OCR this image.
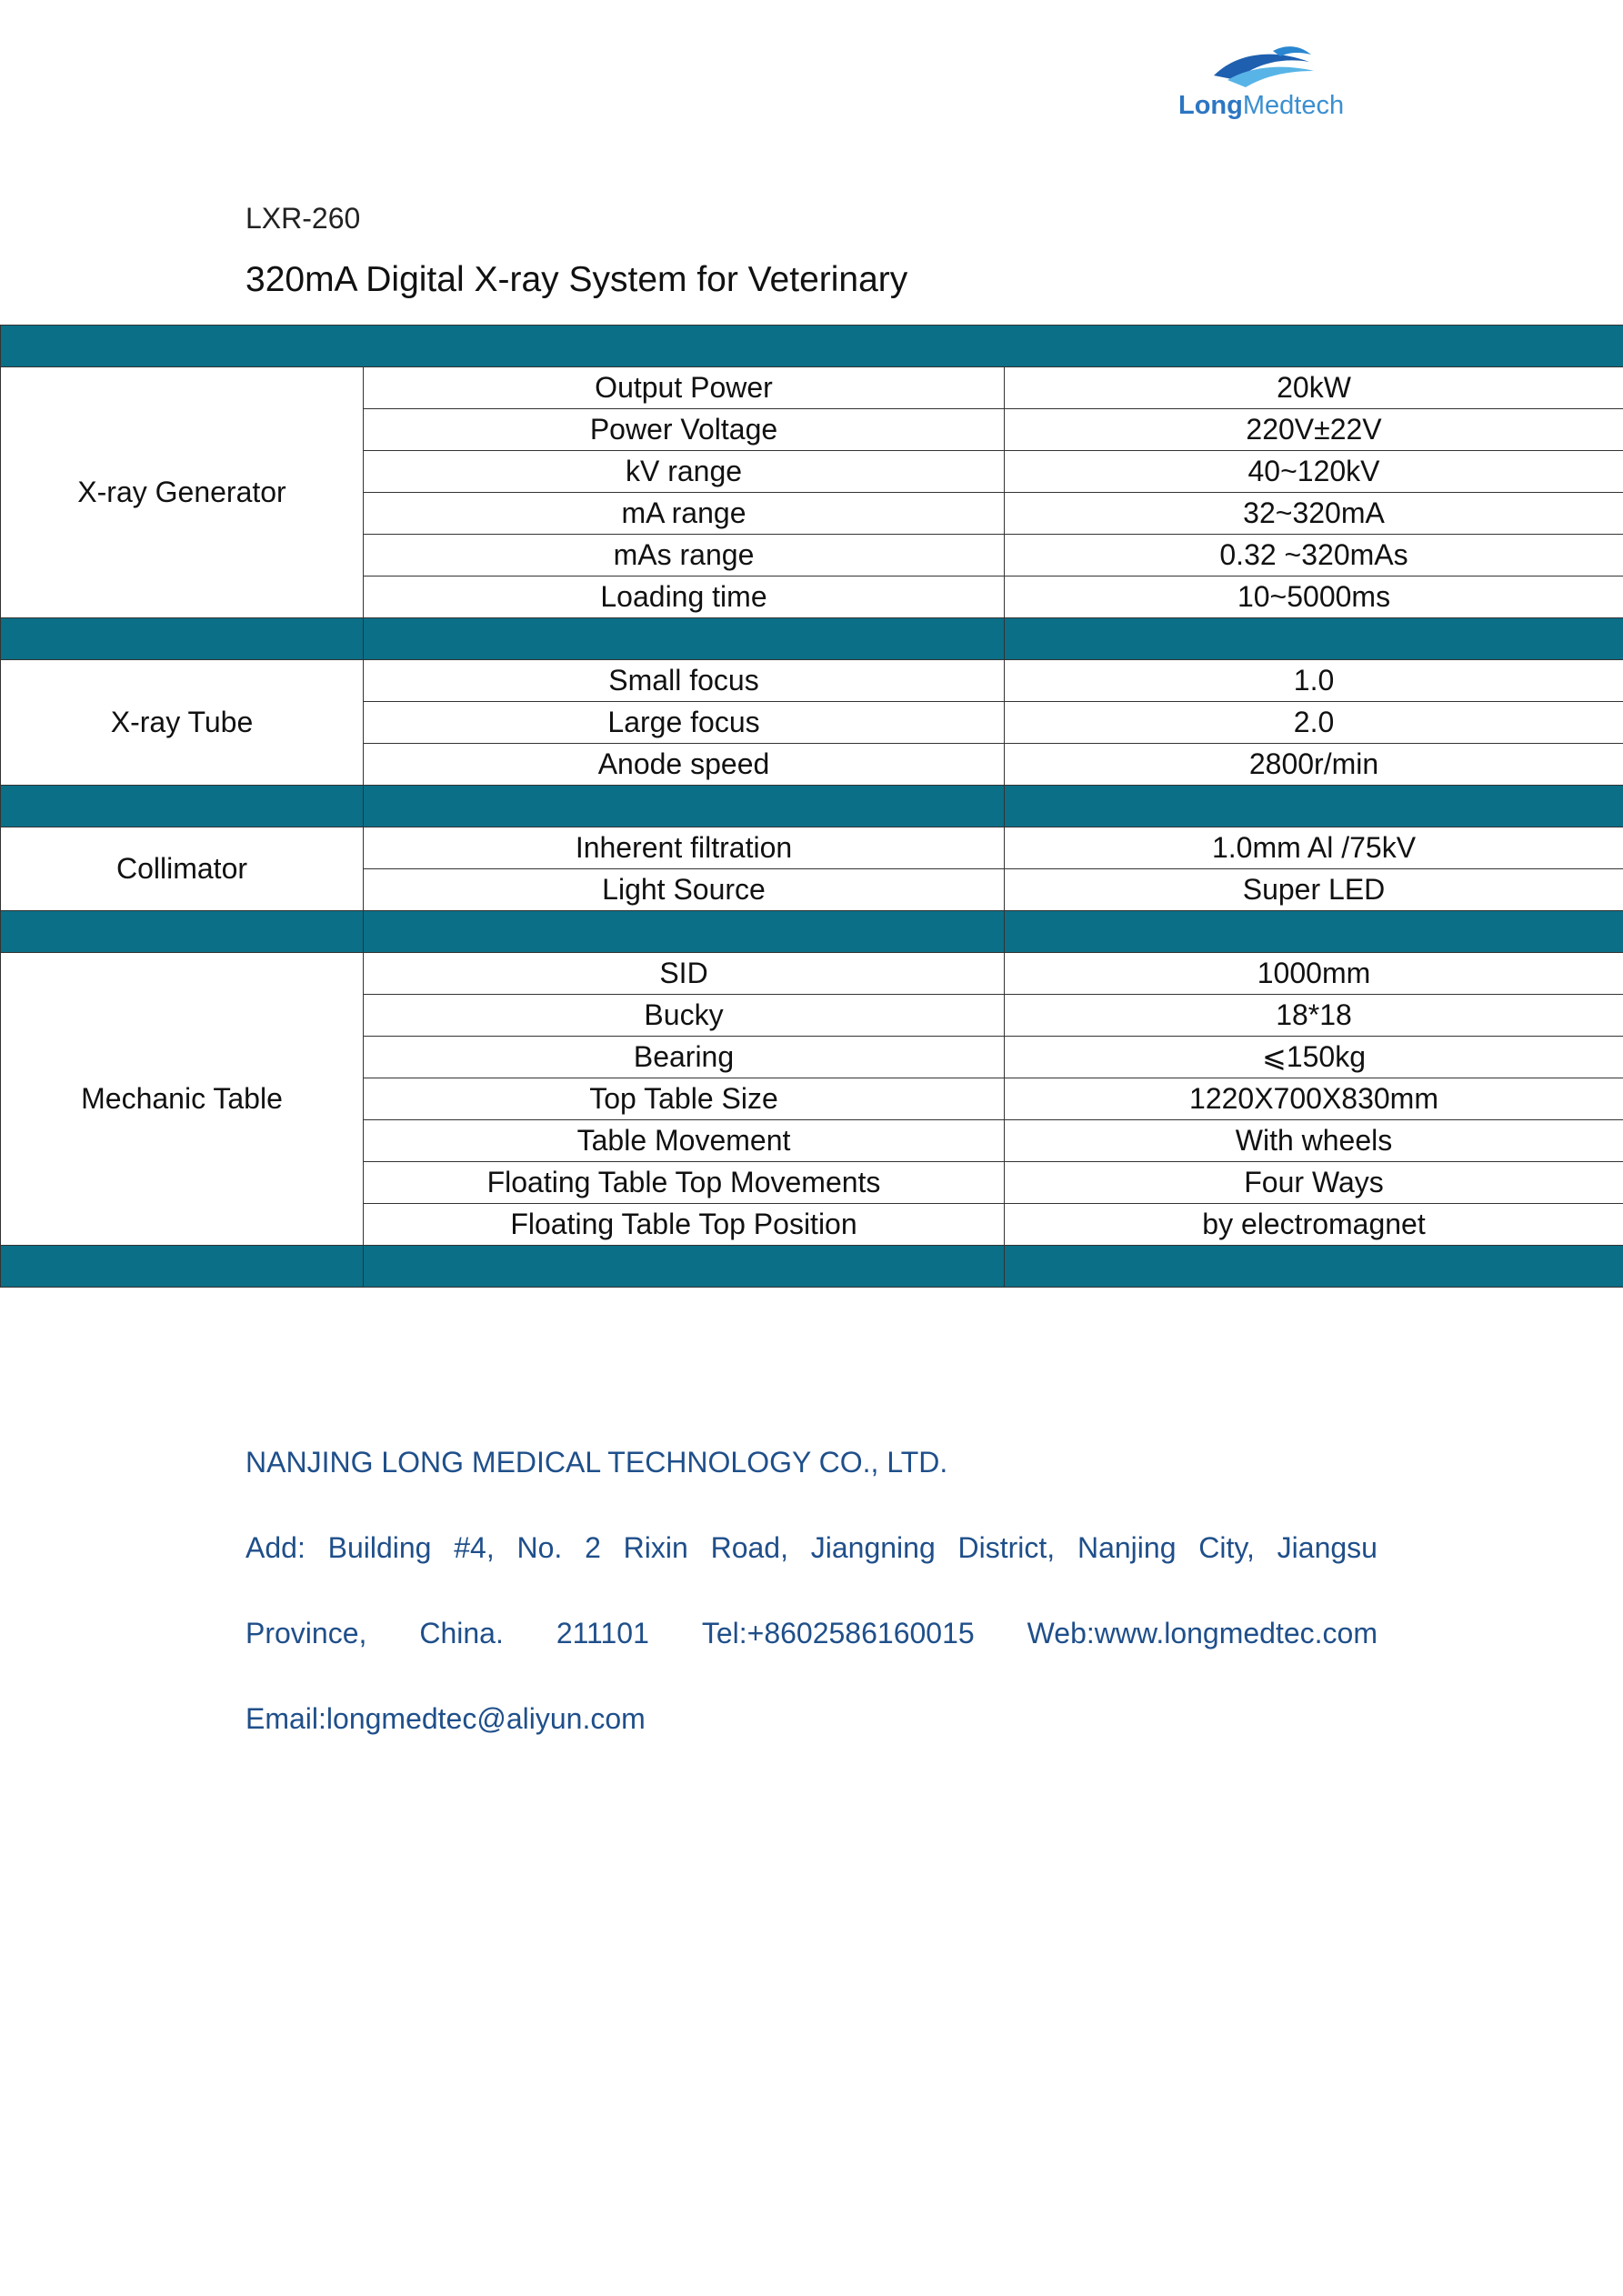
LongMedtech
LXR-260
320mA Digital X-ray System for Veterinary

X-ray Generator	Output Power	20kW
	Power Voltage	220V±22V
	kV range	40~120kV
	mA range	32~320mA
	mAs range	0.32 ~320mAs
	Loading time	10~5000ms

X-ray Tube	Small focus	1.0
	Large focus	2.0
	Anode speed	2800r/min

Collimator	Inherent filtration	1.0mm Al /75kV
	Light Source	Super LED

Mechanic Table	SID	1000mm
	Bucky	18*18
	Bearing	⩽150kg
	Top Table Size	1220X700X830mm
	Table Movement	With wheels
	Floating Table Top Movements	Four Ways
	Floating Table Top Position	by electromagnet

NANJING LONG MEDICAL TECHNOLOGY CO., LTD.
Add: Building #4, No. 2 Rixin Road, Jiangning District, Nanjing City, Jiangsu
Province, China. 211101 Tel:+8602586160015 Web:www.longmedtec.com
Email:longmedtec@aliyun.com
